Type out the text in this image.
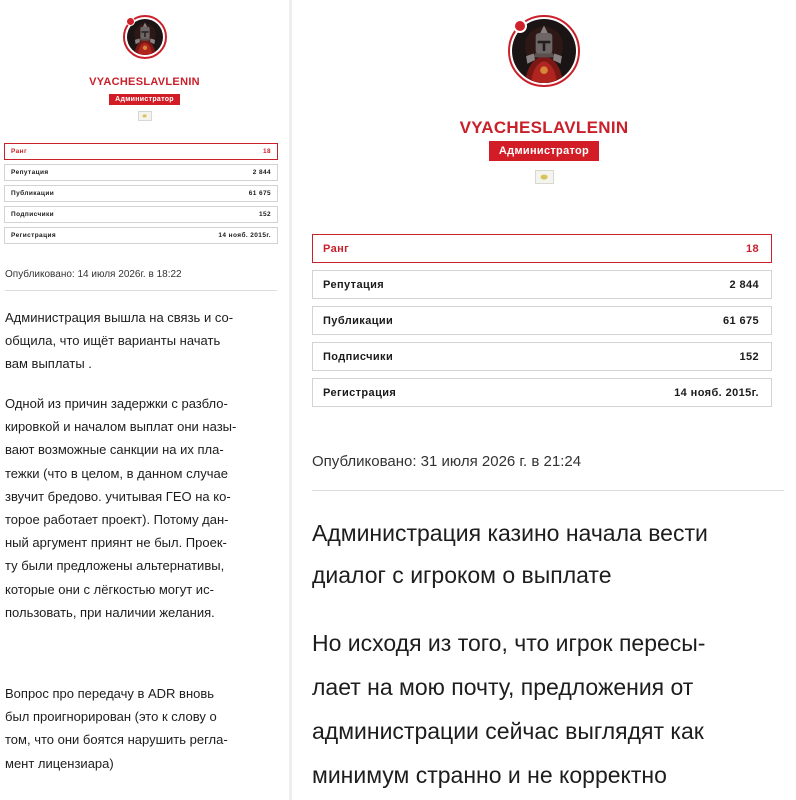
VYACHESLAVLENIN
Администратор
Ранг	18
Репутация	2 844
Публикации	61 675
Подписчики	152
Регистрация	14 нояб. 2015г.
Опубликовано: 14 июля 2026г. в 18:22

Администрация вышла на связь и со-
общила, что ищёт варианты начать
вам выплаты .

Одной из причин задержки с разбло-
кировкой и началом выплат они назы-
вают возможные санкции на их пла-
тежки (что в целом, в данном случае
звучит бредово. учитывая ГЕО на ко-
торое работает проект). Потому дан-
ный аргумент приянт не был. Проек-
ту были предложены альтернативы,
которые они с лёгкостью могут ис-
пользовать, при наличии желания.

Вопрос про передачу в ADR вновь
был проигнорирован (это к слову о
том, что они боятся нарушить регла-
мент лицензиара)

VYACHESLAVLENIN
Администратор
Ранг	18
Репутация	2 844
Публикации	61 675
Подписчики	152
Регистрация	14 нояб. 2015г.
Опубликовано: 31 июля 2026 г. в 21:24

Администрация казино начала вести
диалог с игроком о выплате

Но исходя из того, что игрок пересы-
лает на мою почту, предложения от
администрации сейчас выглядят как
минимум странно и не корректно
